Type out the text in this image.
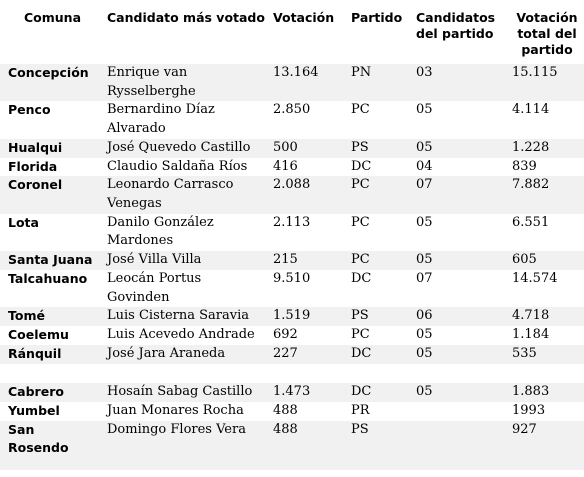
Comuna	Candidato más votado	Votación	Partido	Candidatos del partido	Votación total del partido
Concepción	Enrique van Rysselberghe	13.164	PN	03	15.115
Penco	Bernardino Díaz Alvarado	2.850	PC	05	4.114
Hualqui	José Quevedo Castillo	500	PS	05	1.228
Florida	Claudio Saldaña Ríos	416	DC	04	839
Coronel	Leonardo Carrasco Venegas	2.088	PC	07	7.882
Lota	Danilo González Mardones	2.113	PC	05	6.551
Santa Juana	José Villa Villa	215	PC	05	605
Talcahuano	Leocán Portus Govinden	9.510	DC	07	14.574
Tomé	Luis Cisterna Saravia	1.519	PS	06	4.718
Coelemu	Luis Acevedo Andrade	692	PC	05	1.184
Ránquil	José Jara Araneda	227	DC	05	535

Cabrero	Hosaín Sabag Castillo	1.473	DC	05	1.883
Yumbel	Juan Monares Rocha	488	PR		1993
San Rosendo	Domingo Flores Vera	488	PS		927
